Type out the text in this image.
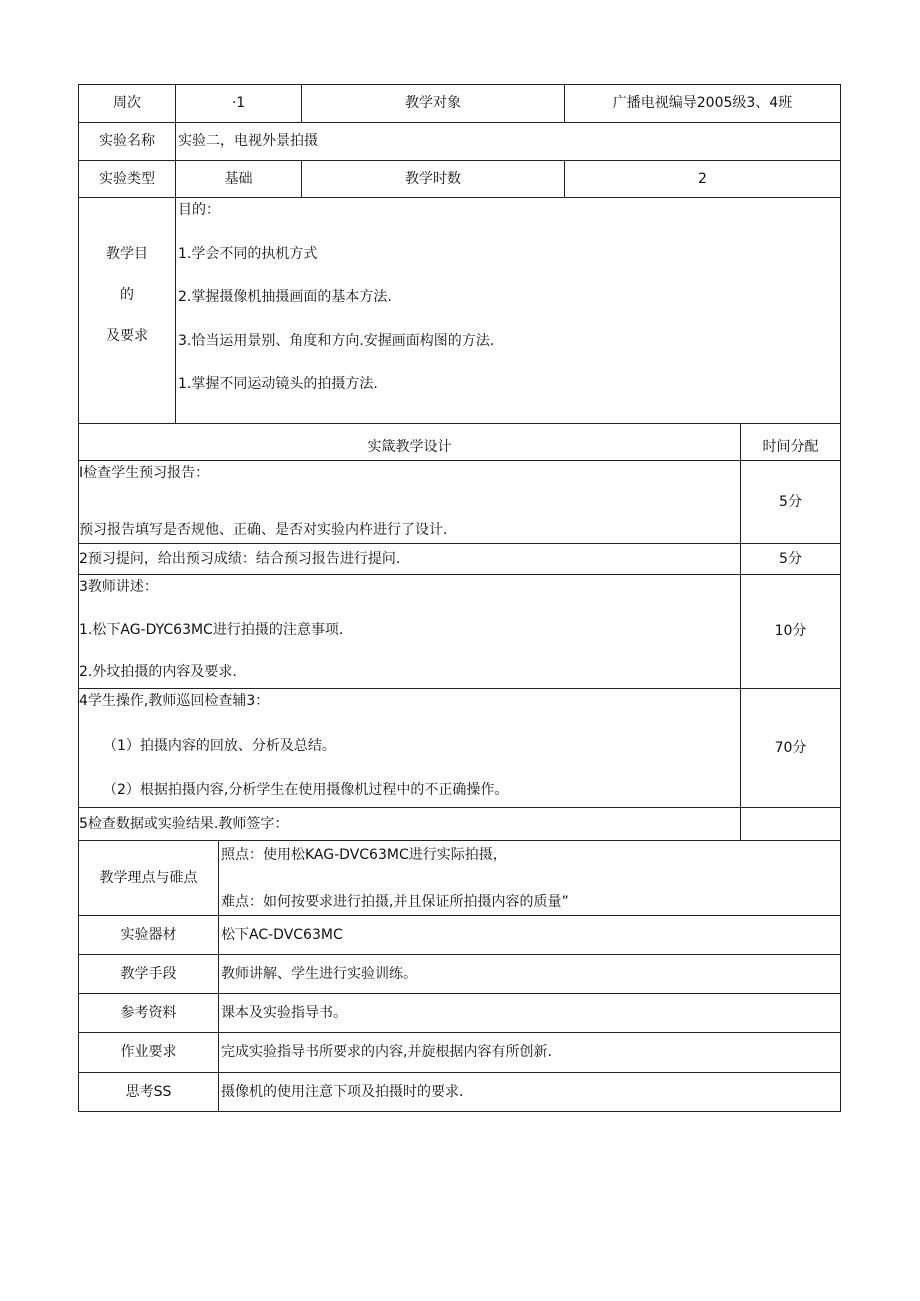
周次	·1		教学对象	广播电视编导2005级3、4班	
实验名称	实验二，电视外景拍摄				
实验类型	基础		教学时数	2	

教学目
的
及要求	目的：
1.学会不同的执机方式
2.掌握摄像机抽摄画面的基本方法.
3.恰当运用景别、角度和方向.安握画面构图的方法.
1.掌握不同运动镜头的拍摄方法.				

实箴教学设计					时间分配

I检查学生预习报告：
预习报告填写是否规他、正确、是否对实验内杵进行了设计.					5分
2预习提问，给出预习成绩：结合预习报告进行提问.					5分

3教师讲述：
1.松下AG-DYC63MC进行拍摄的注意事项.
2.外坟拍摄的内容及要求.					10分

4学生操作,教师巡回检查辅3：
（1）拍摄内容的回放、分析及总结。
（2）根据拍摄内容,分析学生在使用摄像机过程中的不正确操作。					70分
5检查数据或实验结果.教师签字：					
教学理点与碓点		照点：使用松KAG-DVC63MC进行实际拍摄，
难点：如何按要求进行拍摄,并且保证所拍摄内容的质量”			

实验器材		松下AC-DVC63MC			
教学手段		教师讲解、学生进行实验训练。			
参考资料		课本及实验指导书。			
作业要求		完成实验指导书所要求的内容,并旋根据内容有所创新.			
思考SS		摄像机的使用注意下项及拍摄时的要求.			
